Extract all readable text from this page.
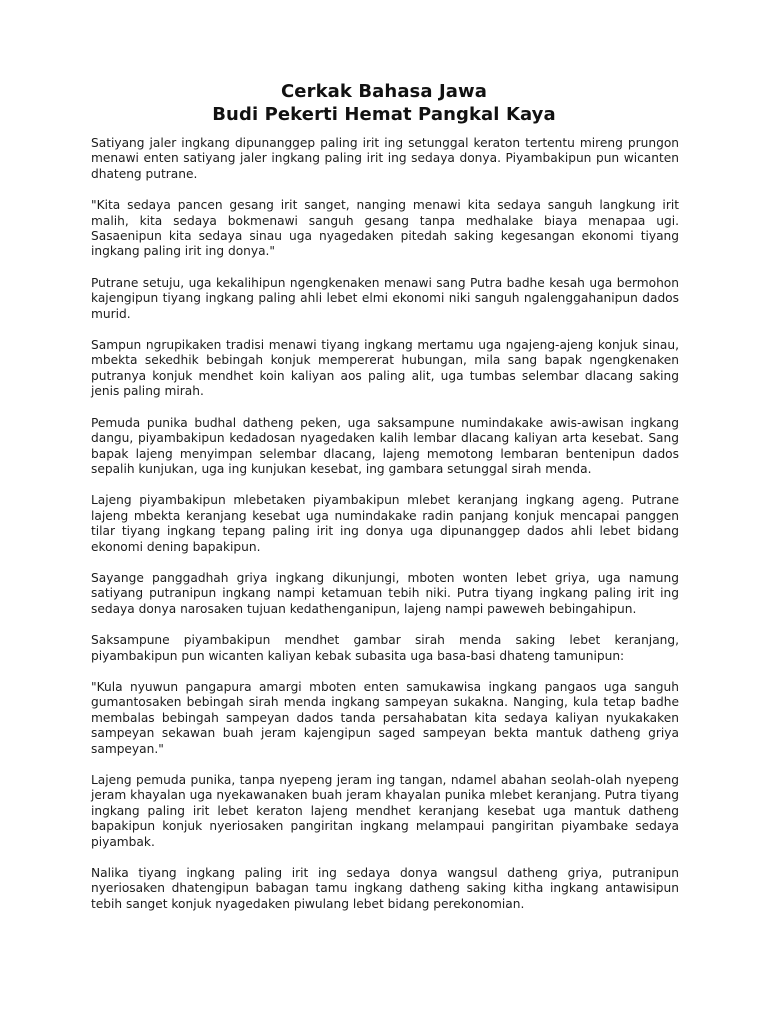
Cerkak Bahasa Jawa
Budi Pekerti Hemat Pangkal Kaya

Satiyang jaler ingkang dipunanggep paling irit ing setunggal keraton tertentu mireng prungon menawi enten satiyang jaler ingkang paling irit ing sedaya donya. Piyambakipun pun wicanten dhateng putrane.

"Kita sedaya pancen gesang irit sanget, nanging menawi kita sedaya sanguh langkung irit malih, kita sedaya bokmenawi sanguh gesang tanpa medhalake biaya menapaa ugi. Sasaenipun kita sedaya sinau uga nyagedaken pitedah saking kegesangan ekonomi tiyang ingkang paling irit ing donya."

Putrane setuju, uga kekalihipun ngengkenaken menawi sang Putra badhe kesah uga bermohon kajengipun tiyang ingkang paling ahli lebet elmi ekonomi niki sanguh ngalenggahanipun dados murid.

Sampun ngrupikaken tradisi menawi tiyang ingkang mertamu uga ngajeng-ajeng konjuk sinau, mbekta sekedhik bebingah konjuk mempererat hubungan, mila sang bapak ngengkenaken putranya konjuk mendhet koin kaliyan aos paling alit, uga tumbas selembar dlacang saking jenis paling mirah.

Pemuda punika budhal datheng peken, uga saksampune numindakake awis-awisan ingkang dangu, piyambakipun kedadosan nyagedaken kalih lembar dlacang kaliyan arta kesebat. Sang bapak lajeng menyimpan selembar dlacang, lajeng memotong lembaran bentenipun dados sepalih kunjukan, uga ing kunjukan kesebat, ing gambara setunggal sirah menda.

Lajeng piyambakipun mlebetaken piyambakipun mlebet keranjang ingkang ageng. Putrane lajeng mbekta keranjang kesebat uga numindakake radin panjang konjuk mencapai panggen tilar tiyang ingkang tepang paling irit ing donya uga dipunanggep dados ahli lebet bidang ekonomi dening bapakipun.

Sayange panggadhah griya ingkang dikunjungi, mboten wonten lebet griya, uga namung satiyang putranipun ingkang nampi ketamuan tebih niki. Putra tiyang ingkang paling irit ing sedaya donya narosaken tujuan kedathenganipun, lajeng nampi paweweh bebingahipun.

Saksampune piyambakipun mendhet gambar sirah menda saking lebet keranjang, piyambakipun pun wicanten kaliyan kebak subasita uga basa-basi dhateng tamunipun:

"Kula nyuwun pangapura amargi mboten enten samukawisa ingkang pangaos uga sanguh gumantosaken bebingah sirah menda ingkang sampeyan sukakna. Nanging, kula tetap badhe membalas bebingah sampeyan dados tanda persahabatan kita sedaya kaliyan nyukakaken sampeyan sekawan buah jeram kajengipun saged sampeyan bekta mantuk datheng griya sampeyan."

Lajeng pemuda punika, tanpa nyepeng jeram ing tangan, ndamel abahan seolah-olah nyepeng jeram khayalan uga nyekawanaken buah jeram khayalan punika mlebet keranjang. Putra tiyang ingkang paling irit lebet keraton lajeng mendhet keranjang kesebat uga mantuk datheng bapakipun konjuk nyeriosaken pangiritan ingkang melampaui pangiritan piyambake sedaya piyambak.

Nalika tiyang ingkang paling irit ing sedaya donya wangsul datheng griya, putranipun nyeriosaken dhatengipun babagan tamu ingkang datheng saking kitha ingkang antawisipun tebih sanget konjuk nyagedaken piwulang lebet bidang perekonomian.
